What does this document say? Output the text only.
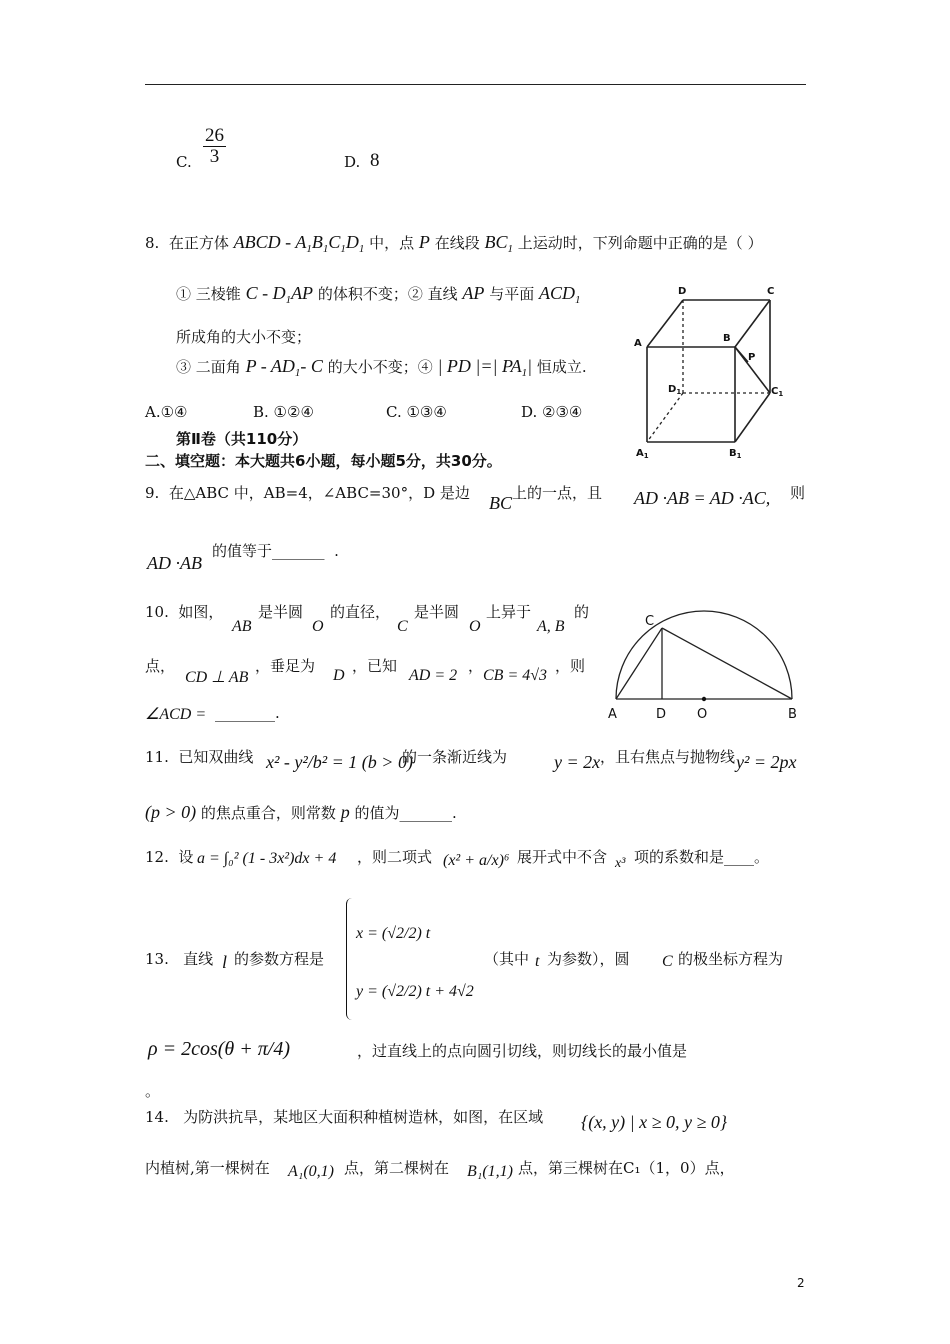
C. $\frac{26}{3}$	D. 8
8. 在正方体 ABCD - $A_1B_1C_1D_1$ 中，点 P 在线段 $BC_1$ 上运动时，下列命题中正确的是（ ）
① 三棱锥 C - $D_1AP$ 的体积不变；② 直线 AP 与平面 $ACD_1$
所成角的大小不变；
③ 二面角 P - $AD_1-$ C 的大小不变；④ | PD |=| $PA_1|$ 恒成立.
A.①④	B. ①②④	C. ①③④	D. ②③④
D	C
A	B
P
$D_1$	$C_1$
$A_1$	$B_1$
第Ⅱ卷（共110分）
二、填空题：本大题共6小题，每小题5分，共30分。
9. 在△ABC 中，AB=4，∠ABC=30°，D 是边 BC 上的一点，且 AD ·AB = AD ·AC, 则
的值等于_______ .
AD ·AB
10. 如图，
AB
是半圆
O
的直径，
C
是半圆
O
上异于
A, B
的
点，
CD ⊥ AB
，垂足为
D
，已知
AD = 2
，
CB = 4√3
，则
∠ACD = ________.
C
A	D O	B
11. 已知双曲线 x² - y²/b² = 1 (b > 0)
的一条渐近线为	y = 2x ，且右焦点与抛物线 y² = 2px
(p > 0) 的焦点重合，则常数 p 的值为_______.
12. 设 a = ∫₀² (1 - 3x²)dx + 4 ，则二项式 (x² + a/x)⁶ 展开式中不含 x³ 项的系数和是____。
13. 直线 l 的参数方程是
x = (√2/2) t
y = (√2/2) t + 4√2
（其中 t 为参数），圆 C 的极坐标方程为
ρ = 2cos(θ + π/4)	，过直线上的点向圆引切线，则切线长的最小值是
。
14. 为防洪抗旱，某地区大面积种植树造林，如图，在区域 {(x, y) | x ≥ 0, y ≥ 0}
内植树,第一棵树在 A₁(0,1) 点，第二棵树在 B₁(1,1) 点，第三棵树在C₁（1，0）点，
2
